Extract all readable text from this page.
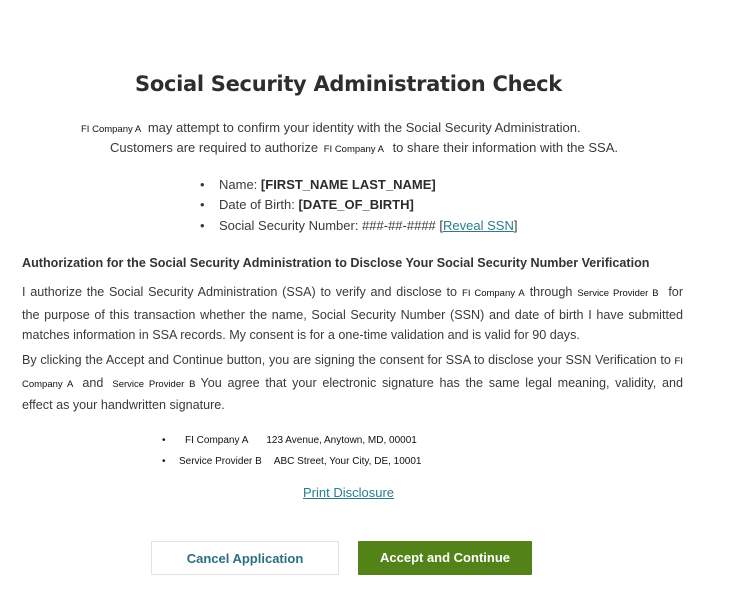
Social Security Administration Check
FI Company A may attempt to confirm your identity with the Social Security Administration.
Customers are required to authorize FI Company A to share their information with the SSA.
• Name: [FIRST_NAME LAST_NAME]
• Date of Birth: [DATE_OF_BIRTH]
• Social Security Number: ###-##-#### [Reveal SSN]
Authorization for the Social Security Administration to Disclose Your Social Security Number Verification
I authorize the Social Security Administration (SSA) to verify and disclose to FI Company A through Service Provider B for the purpose of this transaction whether the name, Social Security Number (SSN) and date of birth I have submitted matches information in SSA records. My consent is for a one-time validation and is valid for 90 days.
By clicking the Accept and Continue button, you are signing the consent for SSA to disclose your SSN Verification to FI Company A and Service Provider B You agree that your electronic signature has the same legal meaning, validity, and effect as your handwritten signature.
• FI Company A 123 Avenue, Anytown, MD, 00001
• Service Provider B ABC Street, Your City, DE, 10001
Print Disclosure
Cancel Application	Accept and Continue
